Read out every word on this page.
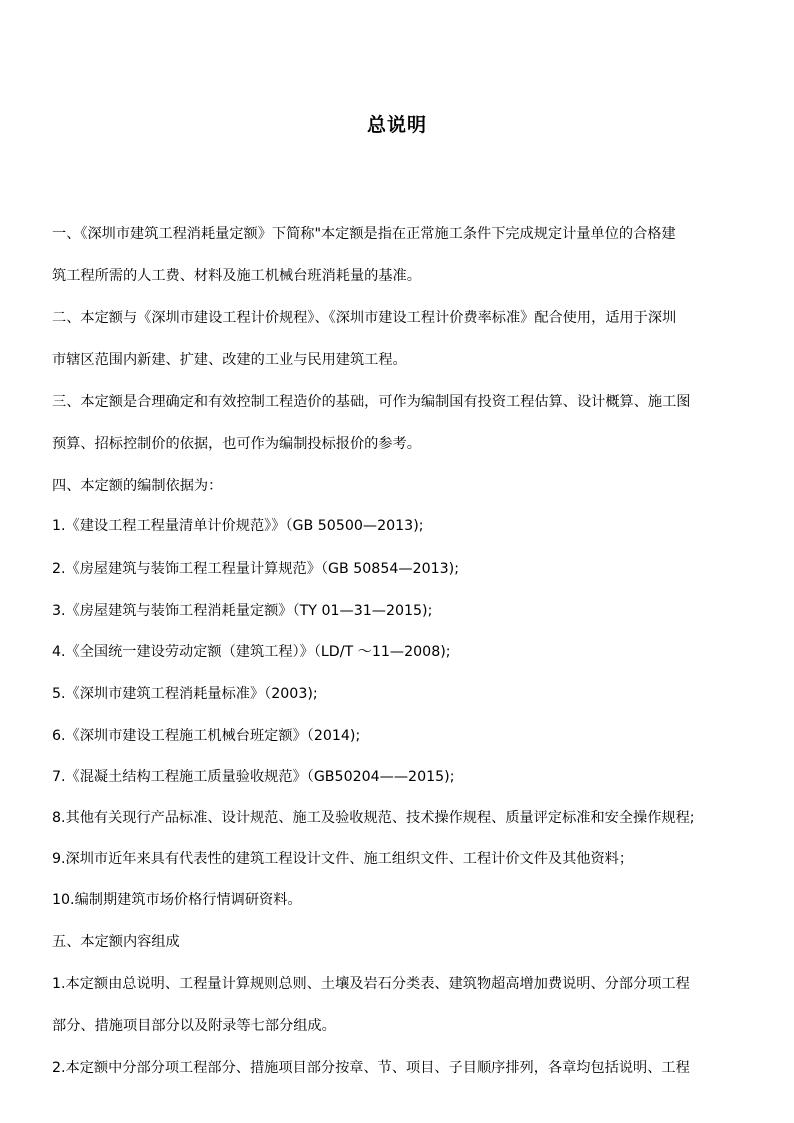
总说明
一、《深圳市建筑工程消耗量定额》下简称"本定额是指在正常施工条件下完成规定计量单位的合格建
筑工程所需的人工费、材料及施工机械台班消耗量的基准。
二、本定额与《深圳市建设工程计价规程》、《深圳市建设工程计价费率标准》配合使用，适用于深圳
市辖区范围内新建、扩建、改建的工业与民用建筑工程。
三、本定额是合理确定和有效控制工程造价的基础，可作为编制国有投资工程估算、设计概算、施工图
预算、招标控制价的依据，也可作为编制投标报价的参考。
四、本定额的编制依据为：
1.《建设工程工程量清单计价规范》》（GB 50500—2013);
2.《房屋建筑与装饰工程工程量计算规范》（GB 50854—2013);
3.《房屋建筑与装饰工程消耗量定额》（TY 01—31—2015);
4.《全国统一建设劳动定额（建筑工程）》（LD/T ～11—2008);
5.《深圳市建筑工程消耗量标准》（2003);
6.《深圳市建设工程施工机械台班定额》（2014);
7.《混凝土结构工程施工质量验收规范》（GB50204——2015);
8.其他有关现行产品标准、设计规范、施工及验收规范、技术操作规程、质量评定标准和安全操作规程;
9.深圳市近年来具有代表性的建筑工程设计文件、施工组织文件、工程计价文件及其他资料；
10.编制期建筑市场价格行情调研资料。
五、本定额内容组成
1.本定额由总说明、工程量计算规则总则、土壤及岩石分类表、建筑物超高增加费说明、分部分项工程
部分、措施项目部分以及附录等七部分组成。
2.本定额中分部分项工程部分、措施项目部分按章、节、项目、子目顺序排列，各章均包括说明、工程
